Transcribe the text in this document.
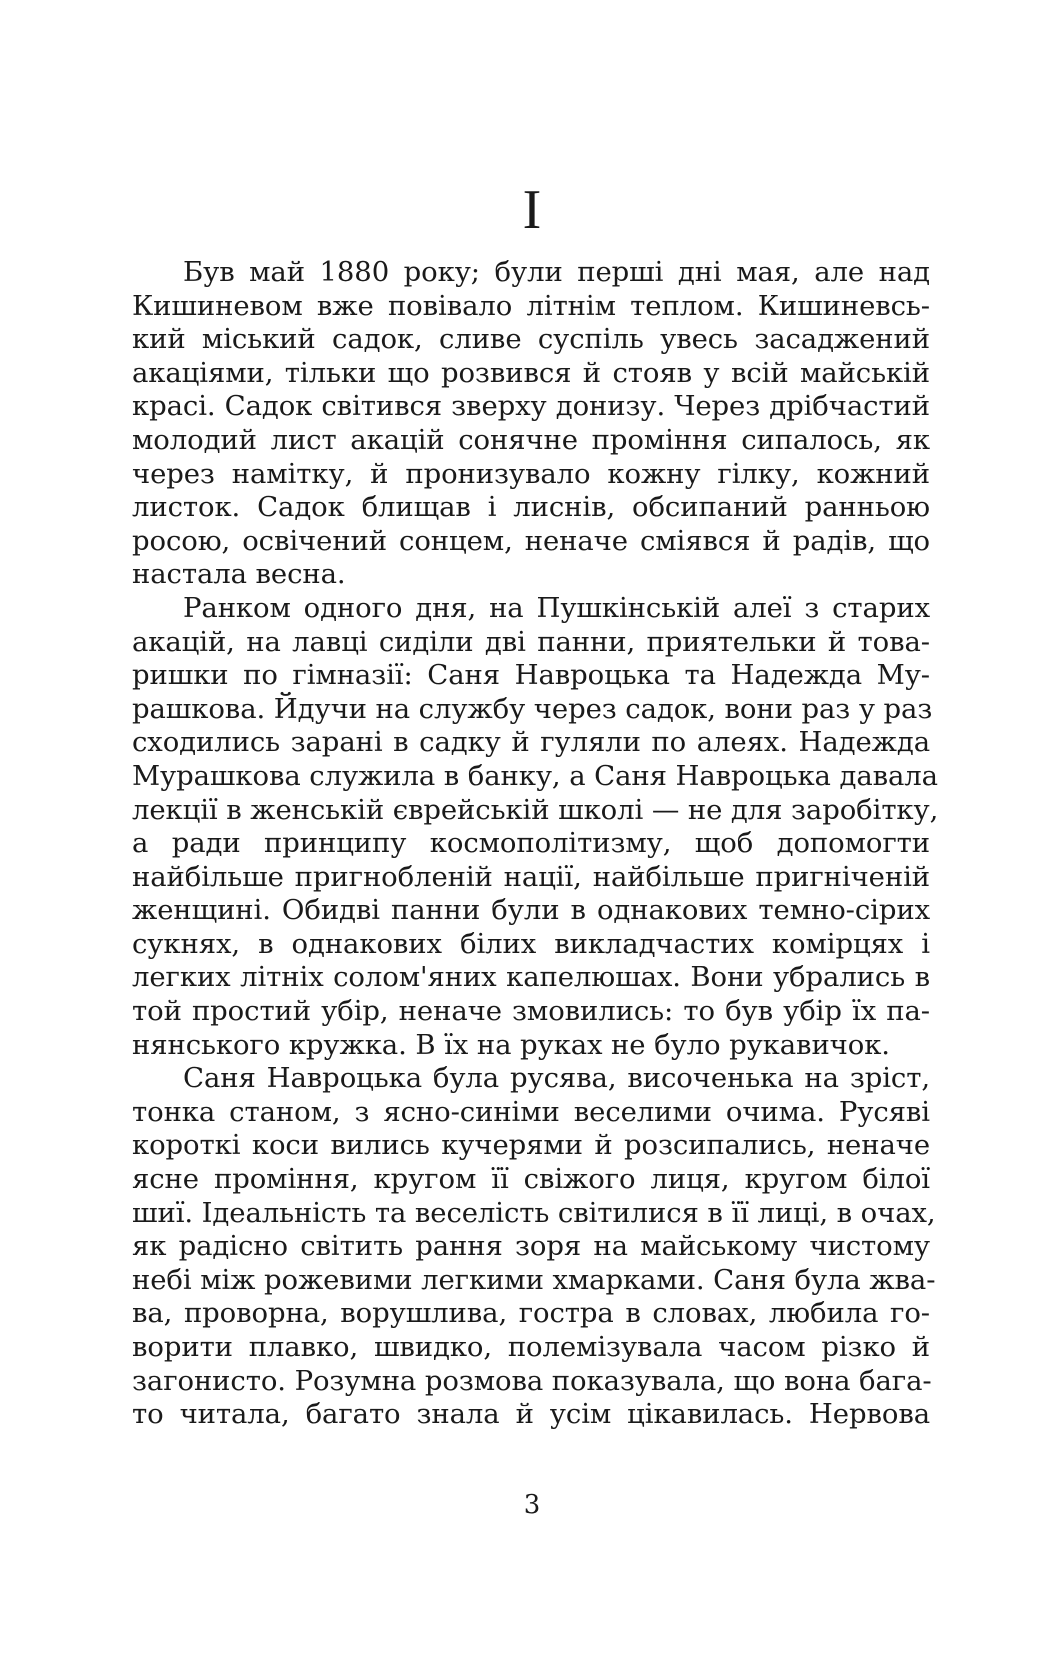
I
Був май 1880 року; були перші дні мая, але над
Кишиневом вже повівало літнім теплом. Кишиневсь-
кий міський садок, сливе суспіль увесь засаджений
акаціями, тільки що розвився й стояв у всій майській
красі. Садок світився зверху донизу. Через дрібчастий
молодий лист акацій сонячне проміння сипалось, як
через намітку, й пронизувало кожну гілку, кожний
листок. Садок блищав і лиснів, обсипаний ранньою
росою, освічений сонцем, неначе сміявся й радів, що
настала весна.
Ранком одного дня, на Пушкінській алеї з старих
акацій, на лавці сиділи дві панни, приятельки й това-
ришки по гімназії: Саня Навроцька та Надежда Му-
рашкова. Йдучи на службу через садок, вони раз у раз
сходились зарані в садку й гуляли по алеях. Надежда
Мурашкова служила в банку, а Саня Навроцька давала
лекції в женській єврейській школі — не для заробітку,
а ради принципу космополітизму, щоб допомогти
найбільше пригнобленій нації, найбільше пригніченій
женщині. Обидві панни були в однакових темно-сірих
сукнях, в однакових білих викладчастих комірцях і
легких літніх солом'яних капелюшах. Вони убрались в
той простий убір, неначе змовились: то був убір їх па-
нянського кружка. В їх на руках не було рукавичок.
Саня Навроцька була русява, височенька на зріст,
тонка станом, з ясно-синіми веселими очима. Русяві
короткі коси вились кучерями й розсипались, неначе
ясне проміння, кругом її свіжого лиця, кругом білої
шиї. Ідеальність та веселість світилися в її лиці, в очах,
як радісно світить рання зоря на майському чистому
небі між рожевими легкими хмарками. Саня була жва-
ва, проворна, ворушлива, гостра в словах, любила го-
ворити плавко, швидко, полемізувала часом різко й
загонисто. Розумна розмова показувала, що вона бага-
то читала, багато знала й усім цікавилась. Нервова
3
